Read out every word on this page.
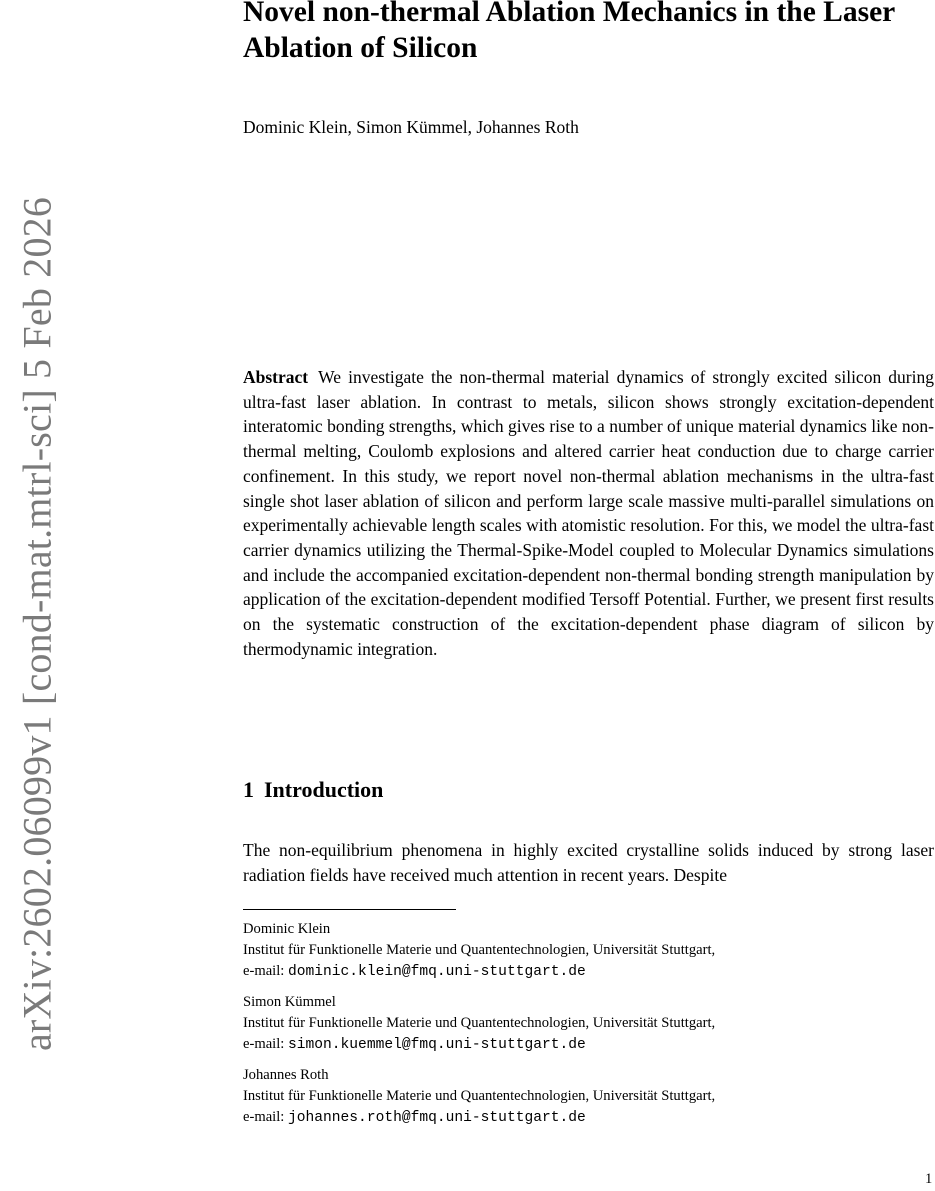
arXiv:2602.06099v1 [cond-mat.mtrl-sci] 5 Feb 2026
Novel non-thermal Ablation Mechanics in the Laser Ablation of Silicon
Dominic Klein, Simon Kümmel, Johannes Roth

Abstract We investigate the non-thermal material dynamics of strongly excited silicon during ultra-fast laser ablation. In contrast to metals, silicon shows strongly excitation-dependent interatomic bonding strengths, which gives rise to a number of unique material dynamics like non-thermal melting, Coulomb explosions and altered carrier heat conduction due to charge carrier confinement. In this study, we report novel non-thermal ablation mechanisms in the ultra-fast single shot laser ablation of silicon and perform large scale massive multi-parallel simulations on experimentally achievable length scales with atomistic resolution. For this, we model the ultra-fast carrier dynamics utilizing the Thermal-Spike-Model coupled to Molecular Dynamics simulations and include the accompanied excitation-dependent non-thermal bonding strength manipulation by application of the excitation-dependent modified Tersoff Potential. Further, we present first results on the systematic construction of the excitation-dependent phase diagram of silicon by thermodynamic integration.

1 Introduction

The non-equilibrium phenomena in highly excited crystalline solids induced by strong laser radiation fields have received much attention in recent years. Despite

Dominic Klein
Institut für Funktionelle Materie und Quantentechnologien, Universität Stuttgart,
e-mail: dominic.klein@fmq.uni-stuttgart.de
Simon Kümmel
Institut für Funktionelle Materie und Quantentechnologien, Universität Stuttgart,
e-mail: simon.kuemmel@fmq.uni-stuttgart.de
Johannes Roth
Institut für Funktionelle Materie und Quantentechnologien, Universität Stuttgart,
e-mail: johannes.roth@fmq.uni-stuttgart.de
1
